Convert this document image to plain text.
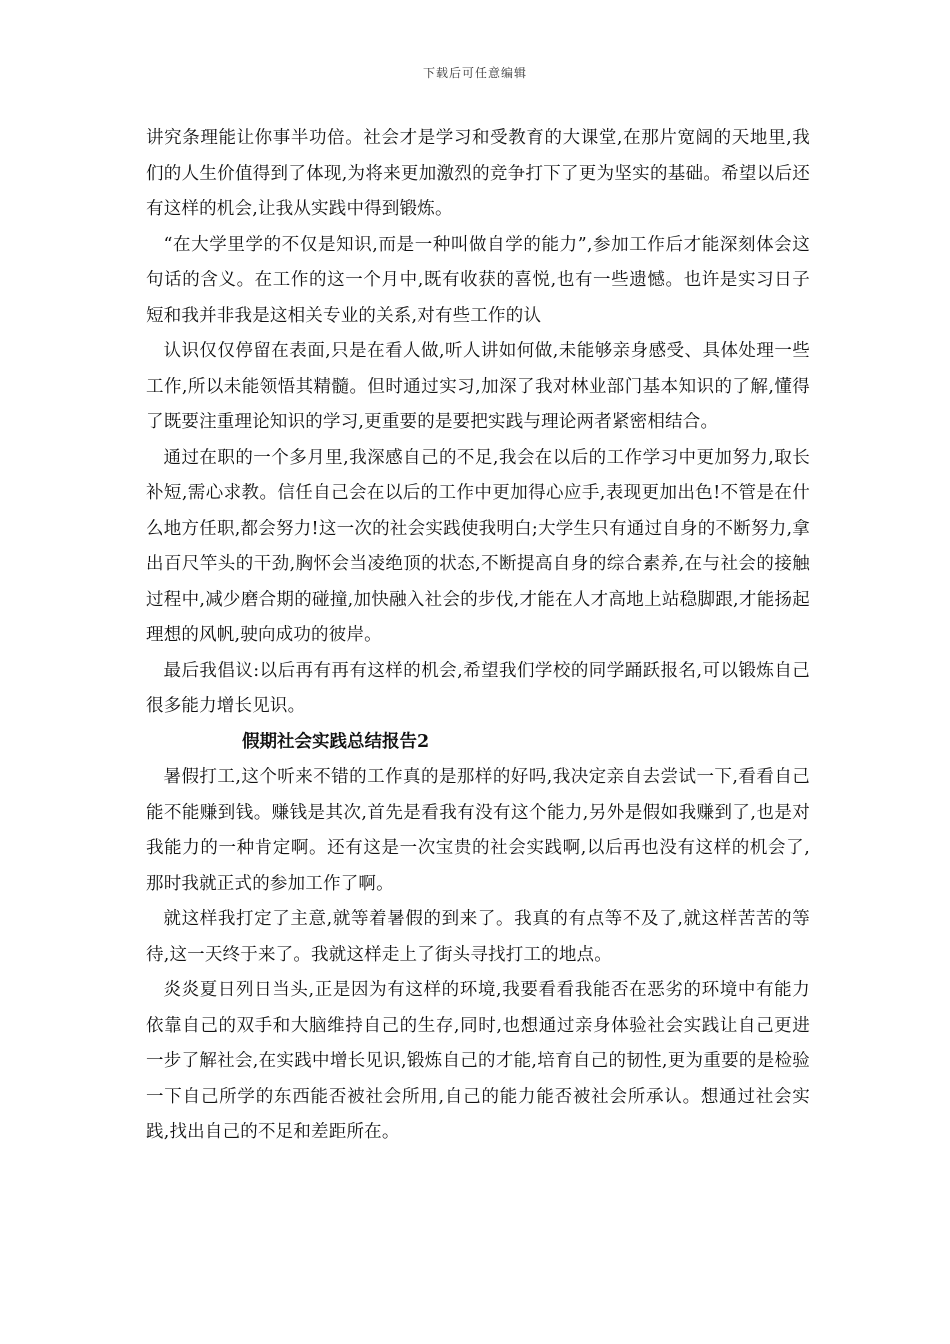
下载后可任意编辑

讲究条理能让你事半功倍。社会才是学习和受教育的大课堂,在那片宽阔的天地里,我们的人生价值得到了体现,为将来更加激烈的竞争打下了更为坚实的基础。希望以后还有这样的机会,让我从实践中得到锻炼。

“在大学里学的不仅是知识,而是一种叫做自学的能力”,参加工作后才能深刻体会这句话的含义。在工作的这一个月中,既有收获的喜悦,也有一些遗憾。也许是实习日子短和我并非我是这相关专业的关系,对有些工作的认

认识仅仅停留在表面,只是在看人做,听人讲如何做,未能够亲身感受、具体处理一些工作,所以未能领悟其精髓。但时通过实习,加深了我对林业部门基本知识的了解,懂得了既要注重理论知识的学习,更重要的是要把实践与理论两者紧密相结合。

通过在职的一个多月里,我深感自己的不足,我会在以后的工作学习中更加努力,取长补短,需心求教。信任自己会在以后的工作中更加得心应手,表现更加出色!不管是在什么地方任职,都会努力!这一次的社会实践使我明白;大学生只有通过自身的不断努力,拿出百尺竿头的干劲,胸怀会当凌绝顶的状态,不断提高自身的综合素养,在与社会的接触过程中,减少磨合期的碰撞,加快融入社会的步伐,才能在人才高地上站稳脚跟,才能扬起理想的风帆,驶向成功的彼岸。

最后我倡议:以后再有再有这样的机会,希望我们学校的同学踊跃报名,可以锻炼自己很多能力增长见识。

假期社会实践总结报告2

暑假打工,这个听来不错的工作真的是那样的好吗,我决定亲自去尝试一下,看看自己能不能赚到钱。赚钱是其次,首先是看我有没有这个能力,另外是假如我赚到了,也是对我能力的一种肯定啊。还有这是一次宝贵的社会实践啊,以后再也没有这样的机会了,那时我就正式的参加工作了啊。

就这样我打定了主意,就等着暑假的到来了。我真的有点等不及了,就这样苦苦的等待,这一天终于来了。我就这样走上了街头寻找打工的地点。

炎炎夏日列日当头,正是因为有这样的环境,我要看看我能否在恶劣的环境中有能力依靠自己的双手和大脑维持自己的生存,同时,也想通过亲身体验社会实践让自己更进一步了解社会,在实践中增长见识,锻炼自己的才能,培育自己的韧性,更为重要的是检验一下自己所学的东西能否被社会所用,自己的能力能否被社会所承认。想通过社会实践,找出自己的不足和差距所在。
